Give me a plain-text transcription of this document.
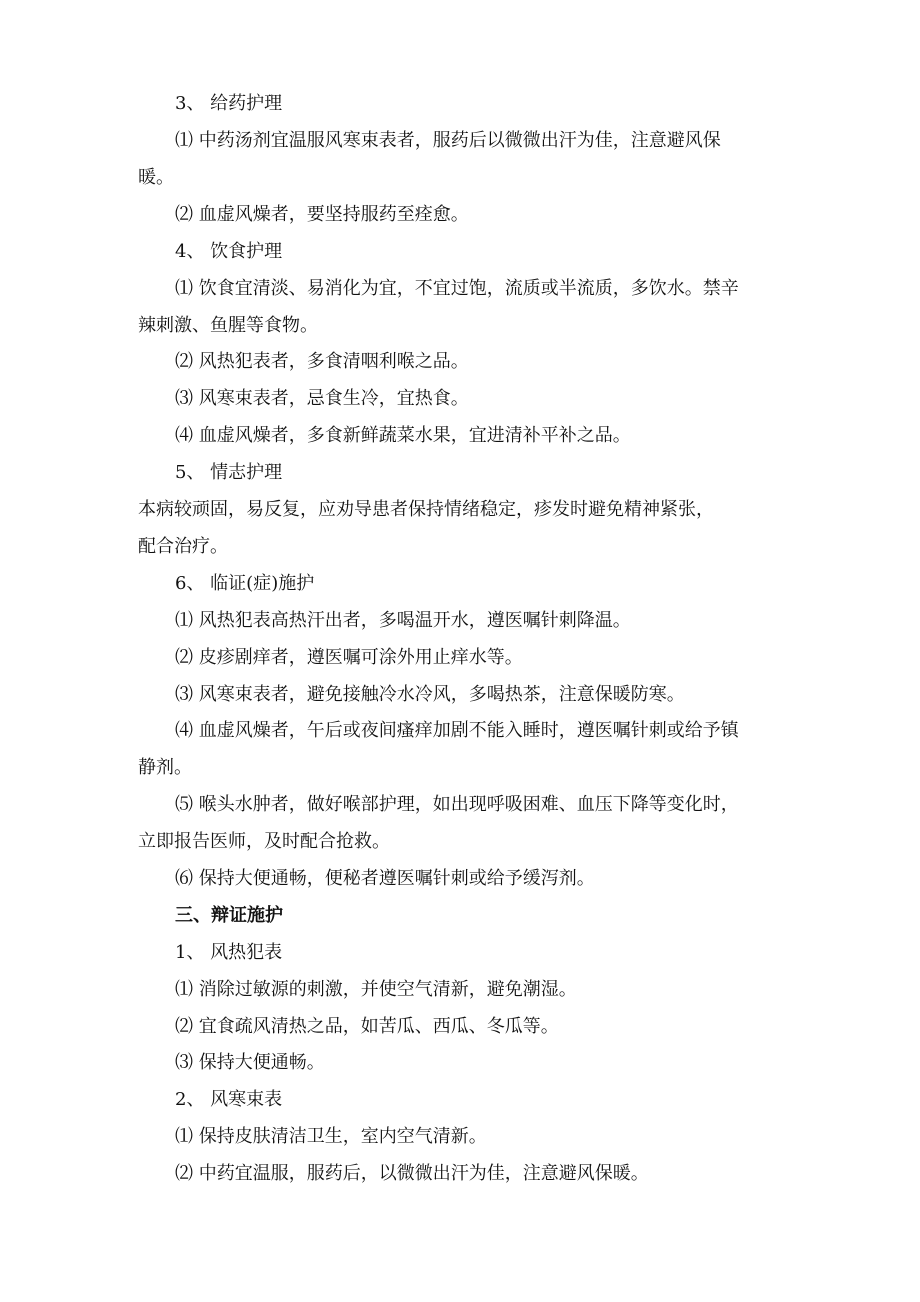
3、 给药护理
⑴ 中药汤剂宜温服风寒束表者，服药后以微微出汗为佳，注意避风保
暖。
⑵ 血虚风燥者，要坚持服药至痊愈。
4、 饮食护理
⑴ 饮食宜清淡、易消化为宜，不宜过饱，流质或半流质，多饮水。禁辛
辣刺激、鱼腥等食物。
⑵ 风热犯表者，多食清咽利喉之品。
⑶ 风寒束表者，忌食生冷，宜热食。
⑷ 血虚风燥者，多食新鲜蔬菜水果，宜进清补平补之品。
5、 情志护理
本病较顽固，易反复，应劝导患者保持情绪稳定，疹发时避免精神紧张，
配合治疗。
6、 临证(症)施护
⑴ 风热犯表高热汗出者，多喝温开水，遵医嘱针刺降温。
⑵ 皮疹剧痒者，遵医嘱可涂外用止痒水等。
⑶ 风寒束表者，避免接触冷水冷风，多喝热茶，注意保暖防寒。
⑷ 血虚风燥者，午后或夜间瘙痒加剧不能入睡时，遵医嘱针刺或给予镇
静剂。
⑸ 喉头水肿者，做好喉部护理，如出现呼吸困难、血压下降等变化时，
立即报告医师，及时配合抢救。
⑹ 保持大便通畅，便秘者遵医嘱针刺或给予缓泻剂。
三、辩证施护
1、 风热犯表
⑴ 消除过敏源的刺激，并使空气清新，避免潮湿。
⑵ 宜食疏风清热之品，如苦瓜、西瓜、冬瓜等。
⑶ 保持大便通畅。
2、 风寒束表
⑴ 保持皮肤清洁卫生，室内空气清新。
⑵ 中药宜温服，服药后，以微微出汗为佳，注意避风保暖。
